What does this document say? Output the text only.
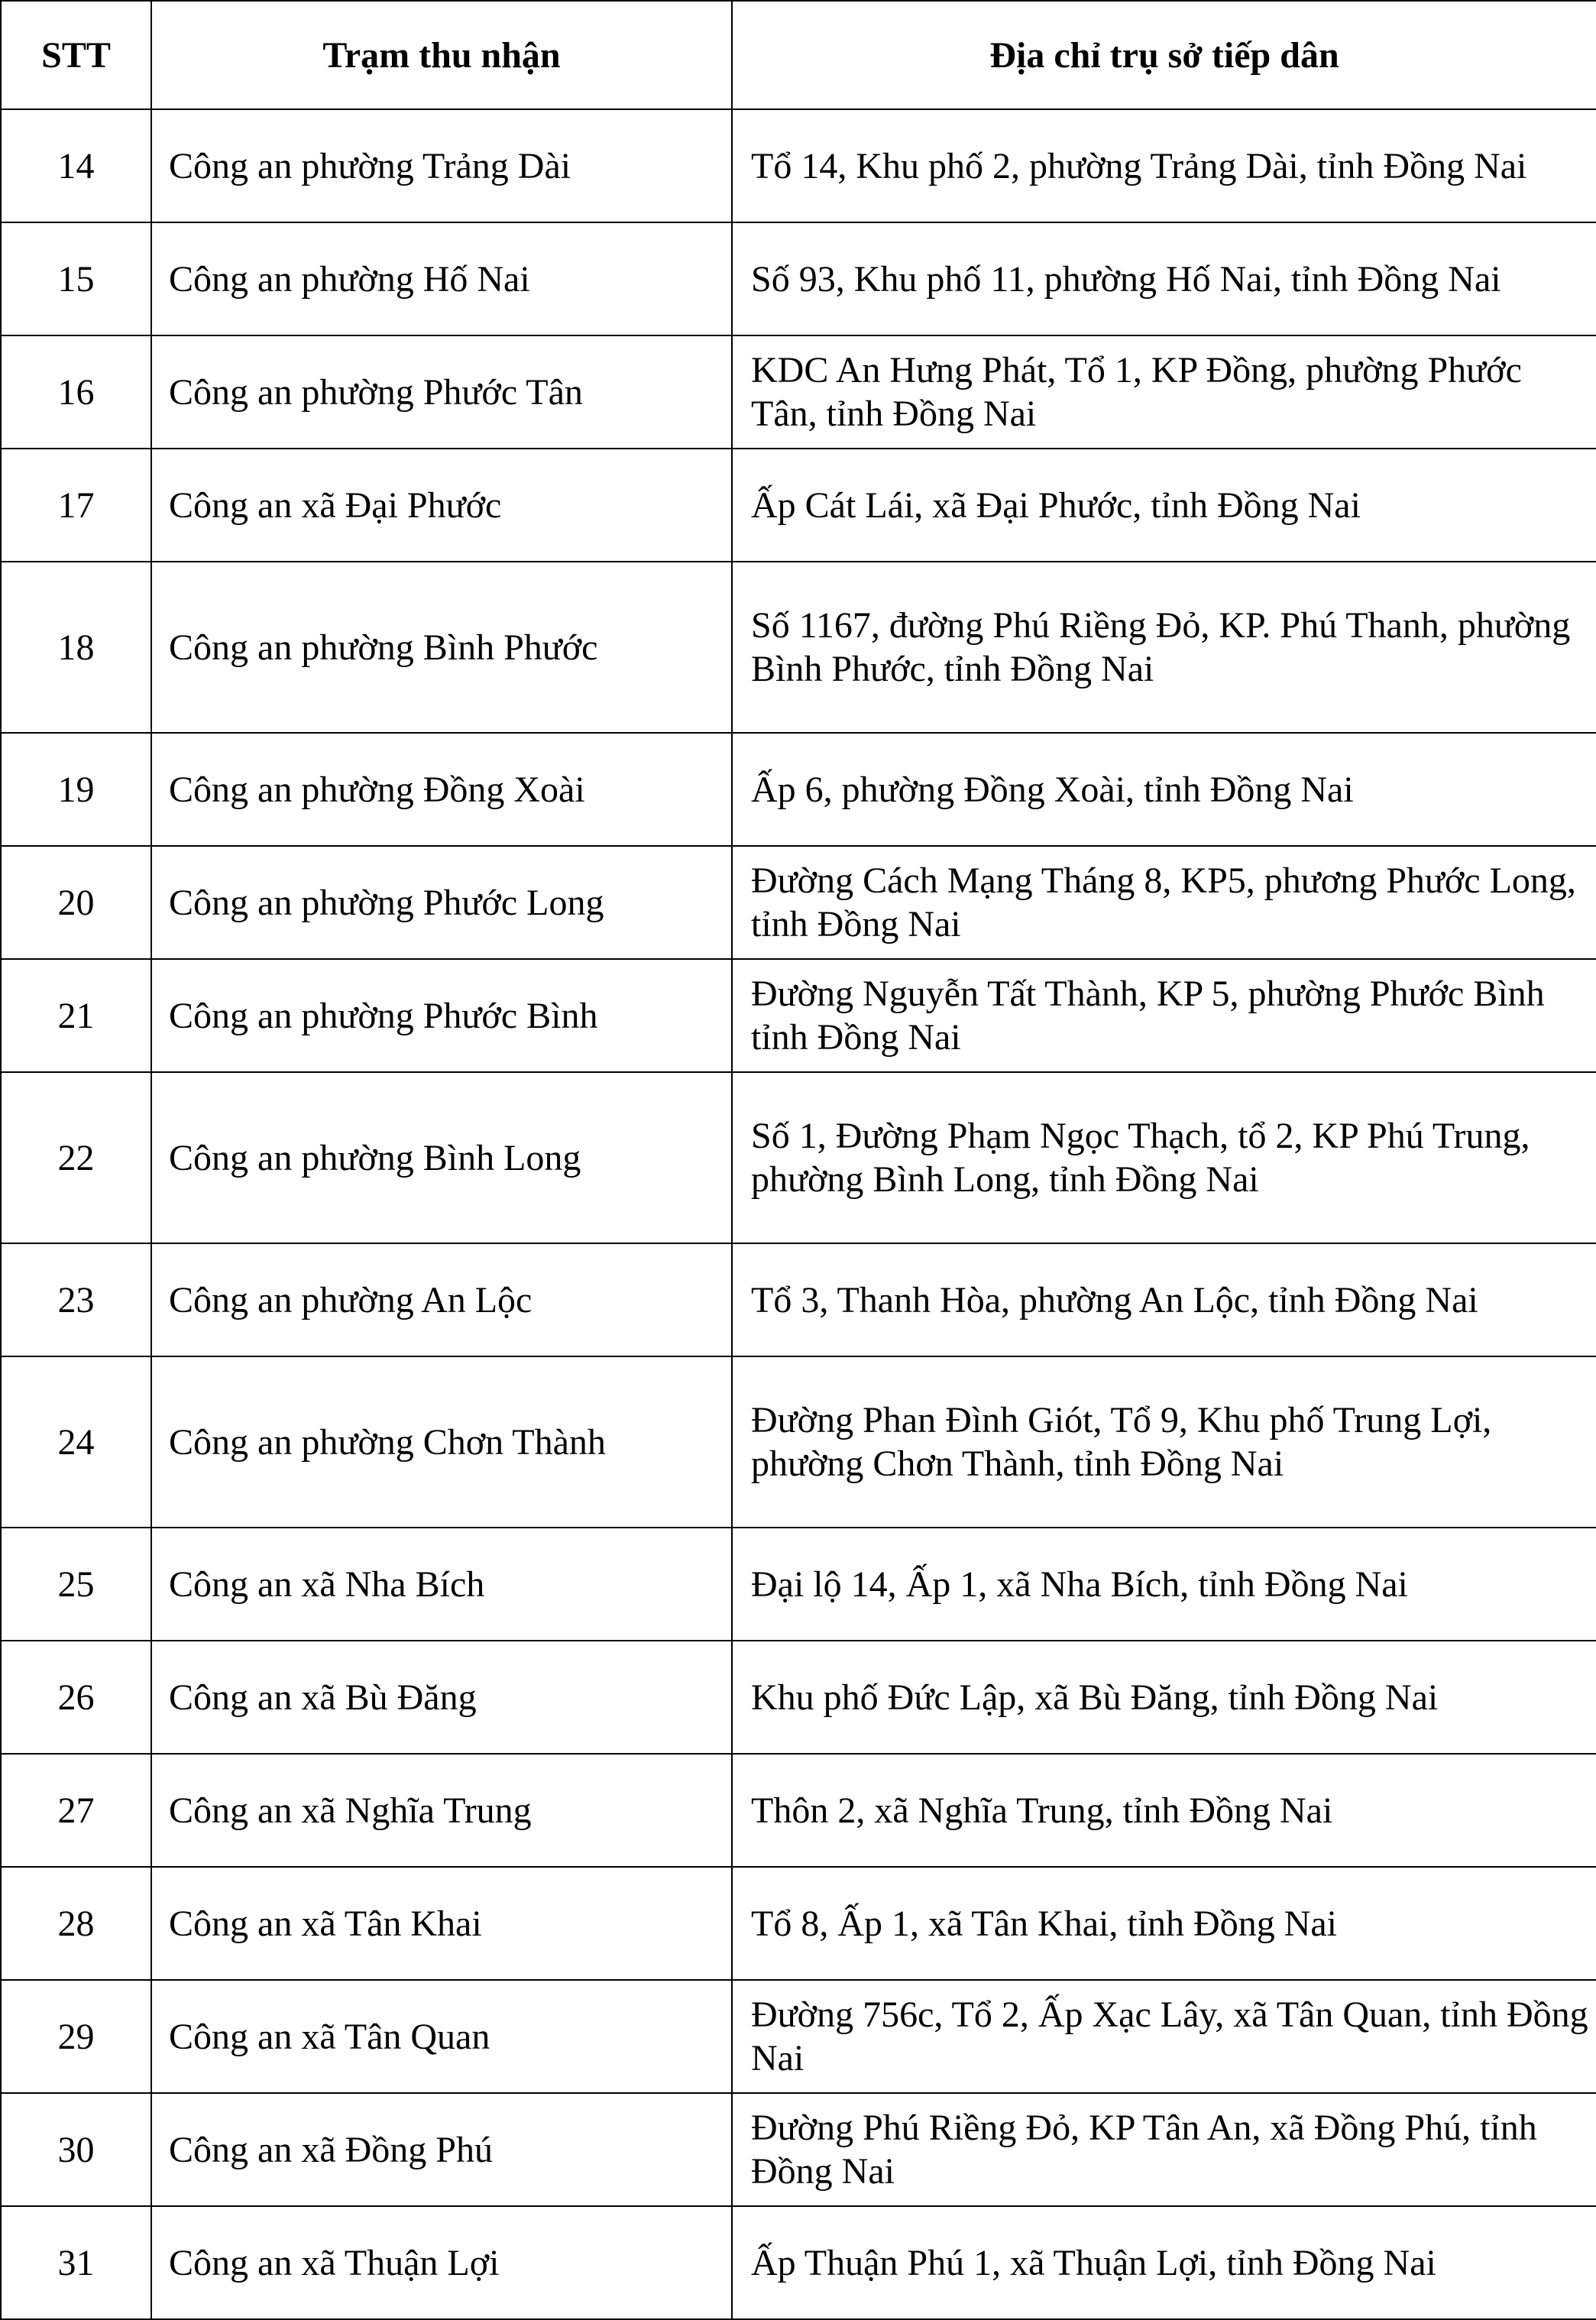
STT	Trạm thu nhận	Địa chỉ trụ sở tiếp dân
14	Công an phường Trảng Dài	Tổ 14, Khu phố 2, phường Trảng Dài, tỉnh Đồng Nai
15	Công an phường Hố Nai	Số 93, Khu phố 11, phường Hố Nai, tỉnh Đồng Nai
16	Công an phường Phước Tân	KDC An Hưng Phát, Tổ 1, KP Đồng, phường Phước Tân, tỉnh Đồng Nai
17	Công an xã Đại Phước	Ấp Cát Lái, xã Đại Phước, tỉnh Đồng Nai
18	Công an phường Bình Phước	Số 1167, đường Phú Riềng Đỏ, KP. Phú Thanh, phường Bình Phước, tỉnh Đồng Nai
19	Công an phường Đồng Xoài	Ấp 6, phường Đồng Xoài, tỉnh Đồng Nai
20	Công an phường Phước Long	Đường Cách Mạng Tháng 8, KP5, phương Phước Long, tỉnh Đồng Nai
21	Công an phường Phước Bình	Đường Nguyễn Tất Thành, KP 5, phường Phước Bình tỉnh Đồng Nai
22	Công an phường Bình Long	Số 1, Đường Phạm Ngọc Thạch, tổ 2, KP Phú Trung, phường Bình Long, tỉnh Đồng Nai
23	Công an phường An Lộc	Tổ 3, Thanh Hòa, phường An Lộc, tỉnh Đồng Nai
24	Công an phường Chơn Thành	Đường Phan Đình Giót, Tổ 9, Khu phố Trung Lợi, phường Chơn Thành, tỉnh Đồng Nai
25	Công an xã Nha Bích	Đại lộ 14, Ấp 1, xã Nha Bích, tỉnh Đồng Nai
26	Công an xã Bù Đăng	Khu phố Đức Lập, xã Bù Đăng, tỉnh Đồng Nai
27	Công an xã Nghĩa Trung	Thôn 2, xã Nghĩa Trung, tỉnh Đồng Nai
28	Công an xã Tân Khai	Tổ 8, Ấp 1, xã Tân Khai, tỉnh Đồng Nai
29	Công an xã Tân Quan	Đường 756c, Tổ 2, Ấp Xạc Lây, xã Tân Quan, tỉnh Đồng Nai
30	Công an xã Đồng Phú	Đường Phú Riềng Đỏ, KP Tân An, xã Đồng Phú, tỉnh Đồng Nai
31	Công an xã Thuận Lợi	Ấp Thuận Phú 1, xã Thuận Lợi, tỉnh Đồng Nai
